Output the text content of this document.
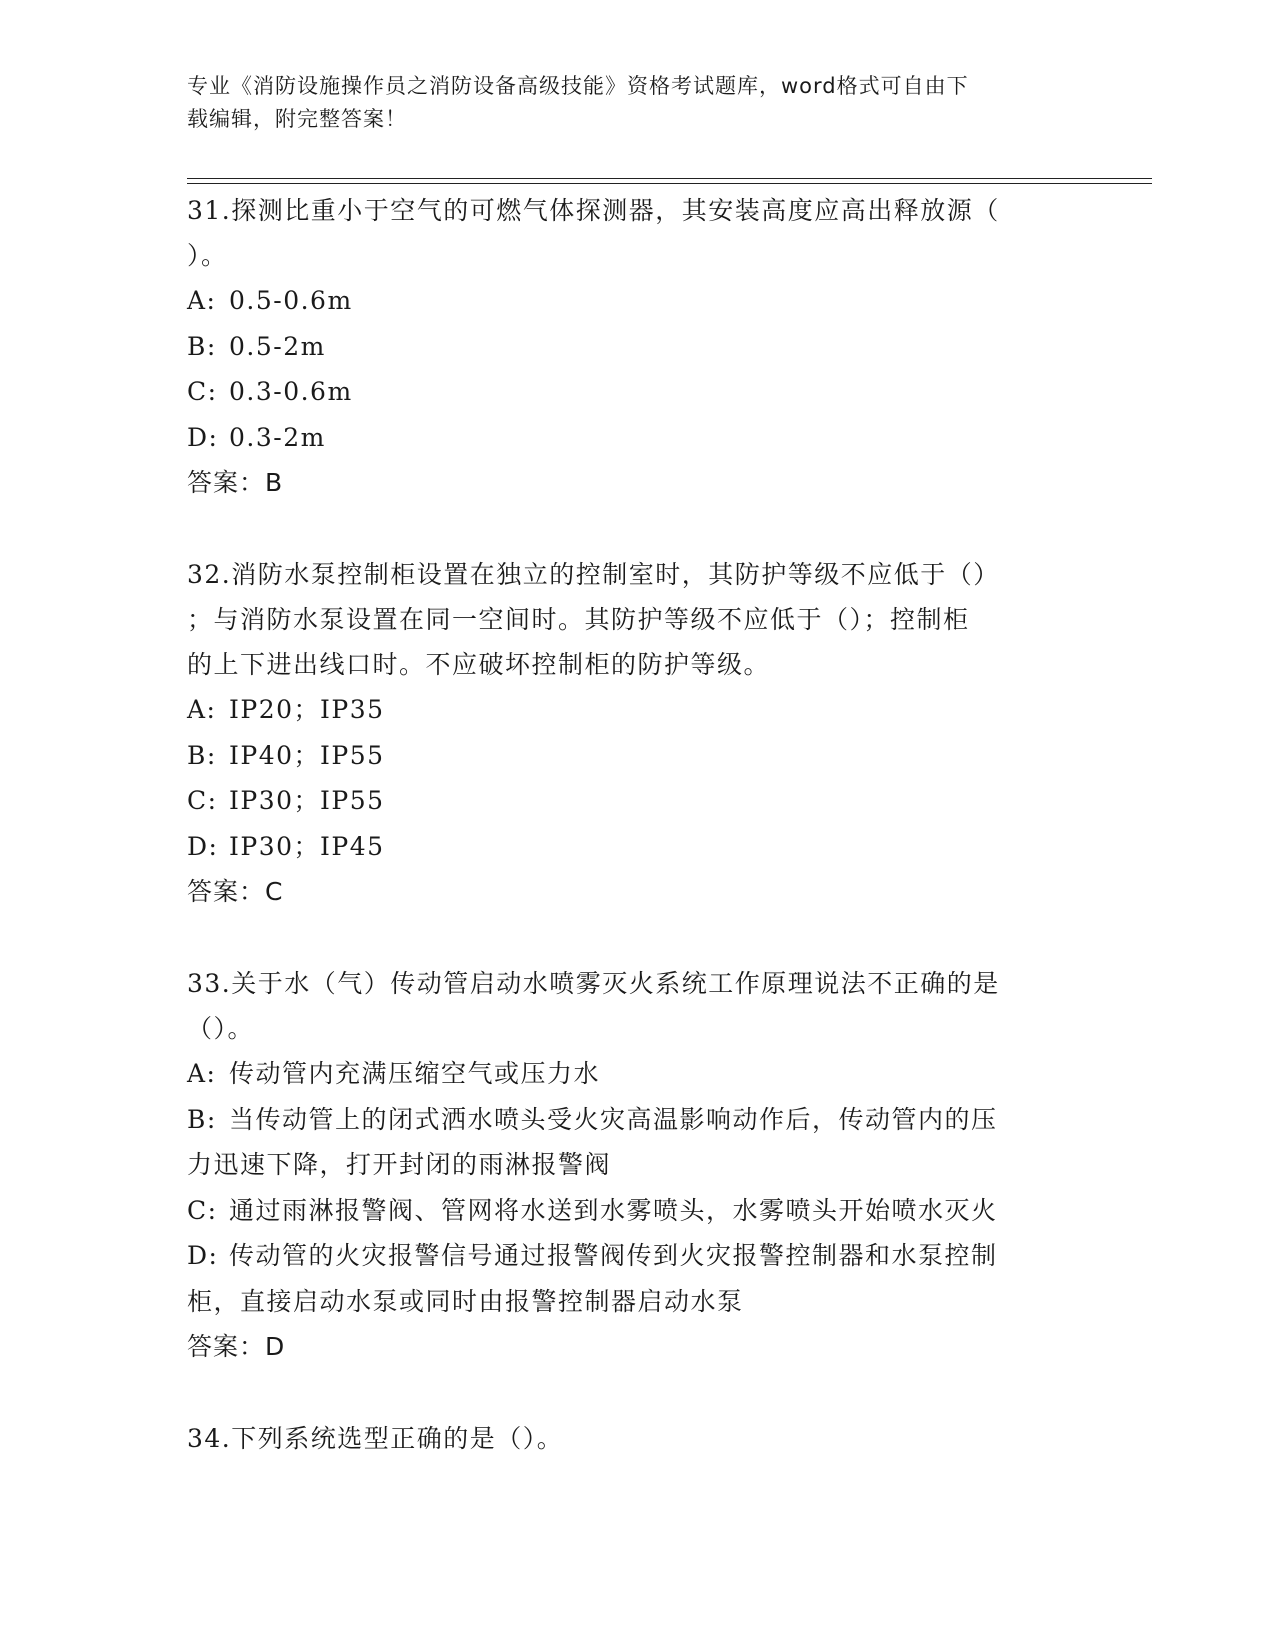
专业《消防设施操作员之消防设备高级技能》资格考试题库，word格式可自由下
载编辑，附完整答案！

31.探测比重小于空气的可燃气体探测器，其安装高度应高出释放源（

）。

A: 0.5-0.6m

B: 0.5-2m

C: 0.3-0.6m

D: 0.3-2m

答案：B

32.消防水泵控制柜设置在独立的控制室时，其防护等级不应低于（）

；与消防水泵设置在同一空间时。其防护等级不应低于（）；控制柜

的上下进出线口时。不应破坏控制柜的防护等级。

A: IP20；IP35

B: IP40；IP55

C: IP30；IP55

D: IP30；IP45

答案：C

33.关于水（气）传动管启动水喷雾灭火系统工作原理说法不正确的是

（）。

A: 传动管内充满压缩空气或压力水

B: 当传动管上的闭式洒水喷头受火灾高温影响动作后，传动管内的压

力迅速下降，打开封闭的雨淋报警阀

C: 通过雨淋报警阀、管网将水送到水雾喷头，水雾喷头开始喷水灭火

D: 传动管的火灾报警信号通过报警阀传到火灾报警控制器和水泵控制

柜，直接启动水泵或同时由报警控制器启动水泵

答案：D

34.下列系统选型正确的是（）。
